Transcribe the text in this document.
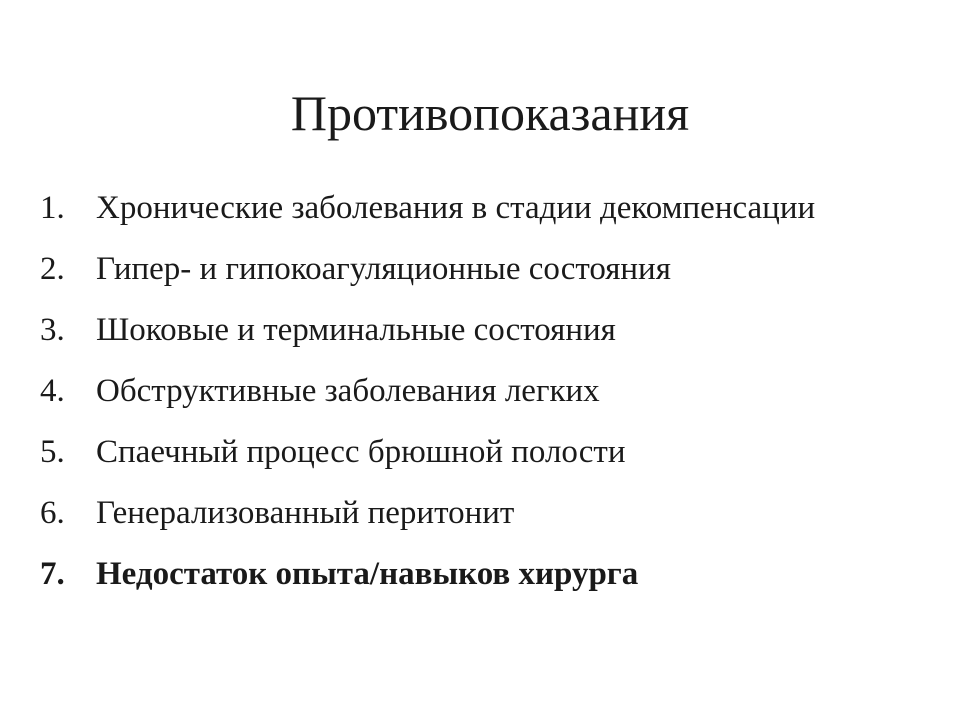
Противопоказания
1. Хронические заболевания в стадии декомпенсации
2. Гипер- и гипокоагуляционные состояния
3. Шоковые и терминальные состояния
4. Обструктивные заболевания легких
5. Спаечный процесс брюшной полости
6. Генерализованный перитонит
7. Недостаток опыта/навыков хирурга
